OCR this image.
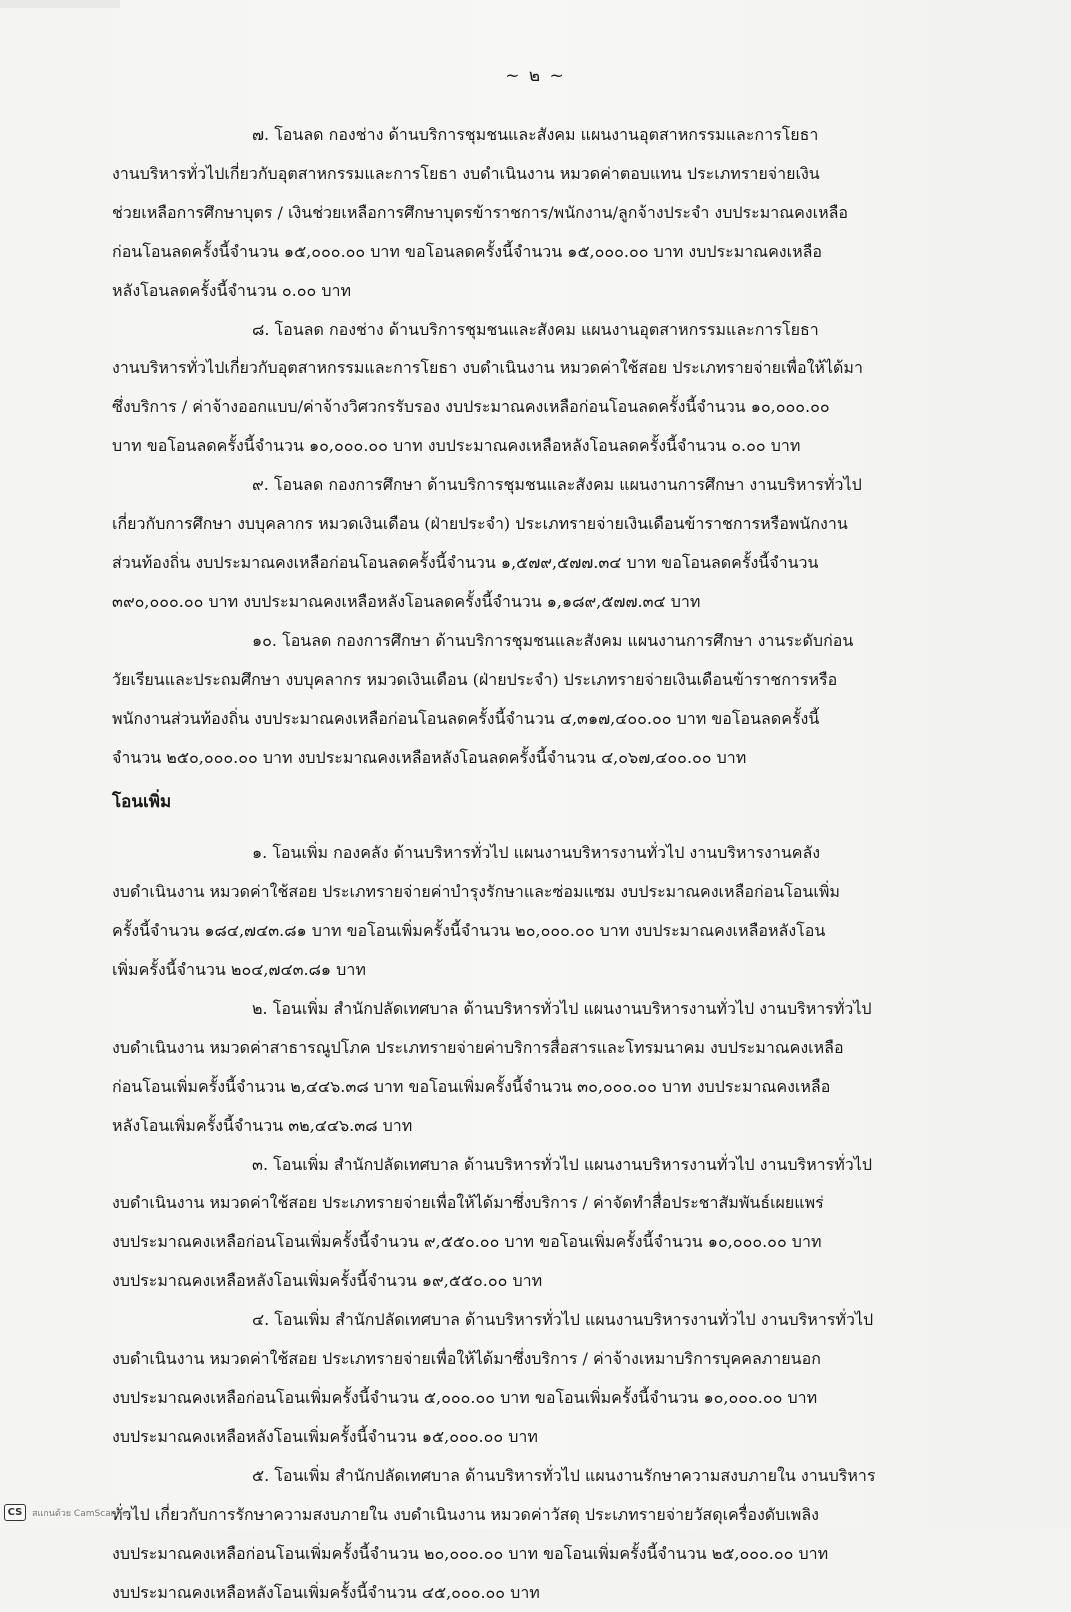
~ ๒ ~

๗. โอนลด กองช่าง ด้านบริการชุมชนและสังคม แผนงานอุตสาหกรรมและการโยธา

งานบริหารทั่วไปเกี่ยวกับอุตสาหกรรมและการโยธา งบดำเนินงาน หมวดค่าตอบแทน ประเภทรายจ่ายเงิน

ช่วยเหลือการศึกษาบุตร / เงินช่วยเหลือการศึกษาบุตรข้าราชการ/พนักงาน/ลูกจ้างประจำ งบประมาณคงเหลือ

ก่อนโอนลดครั้งนี้จำนวน ๑๕,๐๐๐.๐๐ บาท ขอโอนลดครั้งนี้จำนวน ๑๕,๐๐๐.๐๐ บาท งบประมาณคงเหลือ

หลังโอนลดครั้งนี้จำนวน ๐.๐๐ บาท

๘. โอนลด กองช่าง ด้านบริการชุมชนและสังคม แผนงานอุตสาหกรรมและการโยธา

งานบริหารทั่วไปเกี่ยวกับอุตสาหกรรมและการโยธา งบดำเนินงาน หมวดค่าใช้สอย ประเภทรายจ่ายเพื่อให้ได้มา

ซึ่งบริการ / ค่าจ้างออกแบบ/ค่าจ้างวิศวกรรับรอง งบประมาณคงเหลือก่อนโอนลดครั้งนี้จำนวน ๑๐,๐๐๐.๐๐

บาท ขอโอนลดครั้งนี้จำนวน ๑๐,๐๐๐.๐๐ บาท งบประมาณคงเหลือหลังโอนลดครั้งนี้จำนวน ๐.๐๐ บาท

๙. โอนลด กองการศึกษา ด้านบริการชุมชนและสังคม แผนงานการศึกษา งานบริหารทั่วไป

เกี่ยวกับการศึกษา งบบุคลากร หมวดเงินเดือน (ฝ่ายประจำ) ประเภทรายจ่ายเงินเดือนข้าราชการหรือพนักงาน

ส่วนท้องถิ่น งบประมาณคงเหลือก่อนโอนลดครั้งนี้จำนวน ๑,๕๗๙,๕๗๗.๓๔ บาท ขอโอนลดครั้งนี้จำนวน

๓๙๐,๐๐๐.๐๐ บาท งบประมาณคงเหลือหลังโอนลดครั้งนี้จำนวน ๑,๑๘๙,๕๗๗.๓๔ บาท

๑๐. โอนลด กองการศึกษา ด้านบริการชุมชนและสังคม แผนงานการศึกษา งานระดับก่อน

วัยเรียนและประถมศึกษา งบบุคลากร หมวดเงินเดือน (ฝ่ายประจำ) ประเภทรายจ่ายเงินเดือนข้าราชการหรือ

พนักงานส่วนท้องถิ่น งบประมาณคงเหลือก่อนโอนลดครั้งนี้จำนวน ๔,๓๑๗,๔๐๐.๐๐ บาท ขอโอนลดครั้งนี้

จำนวน ๒๕๐,๐๐๐.๐๐ บาท งบประมาณคงเหลือหลังโอนลดครั้งนี้จำนวน ๔,๐๖๗,๔๐๐.๐๐ บาท

โอนเพิ่ม

๑. โอนเพิ่ม กองคลัง ด้านบริหารทั่วไป แผนงานบริหารงานทั่วไป งานบริหารงานคลัง

งบดำเนินงาน หมวดค่าใช้สอย ประเภทรายจ่ายค่าบำรุงรักษาและซ่อมแซม งบประมาณคงเหลือก่อนโอนเพิ่ม

ครั้งนี้จำนวน ๑๘๔,๗๔๓.๘๑ บาท ขอโอนเพิ่มครั้งนี้จำนวน ๒๐,๐๐๐.๐๐ บาท งบประมาณคงเหลือหลังโอน

เพิ่มครั้งนี้จำนวน ๒๐๔,๗๔๓.๘๑ บาท

๒. โอนเพิ่ม สำนักปลัดเทศบาล ด้านบริหารทั่วไป แผนงานบริหารงานทั่วไป งานบริหารทั่วไป

งบดำเนินงาน หมวดค่าสาธารณูปโภค ประเภทรายจ่ายค่าบริการสื่อสารและโทรมนาคม งบประมาณคงเหลือ

ก่อนโอนเพิ่มครั้งนี้จำนวน ๒,๔๔๖.๓๘ บาท ขอโอนเพิ่มครั้งนี้จำนวน ๓๐,๐๐๐.๐๐ บาท งบประมาณคงเหลือ

หลังโอนเพิ่มครั้งนี้จำนวน ๓๒,๔๔๖.๓๘ บาท

๓. โอนเพิ่ม สำนักปลัดเทศบาล ด้านบริหารทั่วไป แผนงานบริหารงานทั่วไป งานบริหารทั่วไป

งบดำเนินงาน หมวดค่าใช้สอย ประเภทรายจ่ายเพื่อให้ได้มาซึ่งบริการ / ค่าจัดทำสื่อประชาสัมพันธ์เผยแพร่

งบประมาณคงเหลือก่อนโอนเพิ่มครั้งนี้จำนวน ๙,๕๕๐.๐๐ บาท ขอโอนเพิ่มครั้งนี้จำนวน ๑๐,๐๐๐.๐๐ บาท

งบประมาณคงเหลือหลังโอนเพิ่มครั้งนี้จำนวน ๑๙,๕๕๐.๐๐ บาท

๔. โอนเพิ่ม สำนักปลัดเทศบาล ด้านบริหารทั่วไป แผนงานบริหารงานทั่วไป งานบริหารทั่วไป

งบดำเนินงาน หมวดค่าใช้สอย ประเภทรายจ่ายเพื่อให้ได้มาซึ่งบริการ / ค่าจ้างเหมาบริการบุคคลภายนอก

งบประมาณคงเหลือก่อนโอนเพิ่มครั้งนี้จำนวน ๕,๐๐๐.๐๐ บาท ขอโอนเพิ่มครั้งนี้จำนวน ๑๐,๐๐๐.๐๐ บาท

งบประมาณคงเหลือหลังโอนเพิ่มครั้งนี้จำนวน ๑๕,๐๐๐.๐๐ บาท

๕. โอนเพิ่ม สำนักปลัดเทศบาล ด้านบริหารทั่วไป แผนงานรักษาความสงบภายใน งานบริหาร

ทั่วไป เกี่ยวกับการรักษาความสงบภายใน งบดำเนินงาน หมวดค่าวัสดุ ประเภทรายจ่ายวัสดุเครื่องดับเพลิง

งบประมาณคงเหลือก่อนโอนเพิ่มครั้งนี้จำนวน ๒๐,๐๐๐.๐๐ บาท ขอโอนเพิ่มครั้งนี้จำนวน ๒๕,๐๐๐.๐๐ บาท

งบประมาณคงเหลือหลังโอนเพิ่มครั้งนี้จำนวน ๔๕,๐๐๐.๐๐ บาท

CS	สแกนด้วย CamScanner
